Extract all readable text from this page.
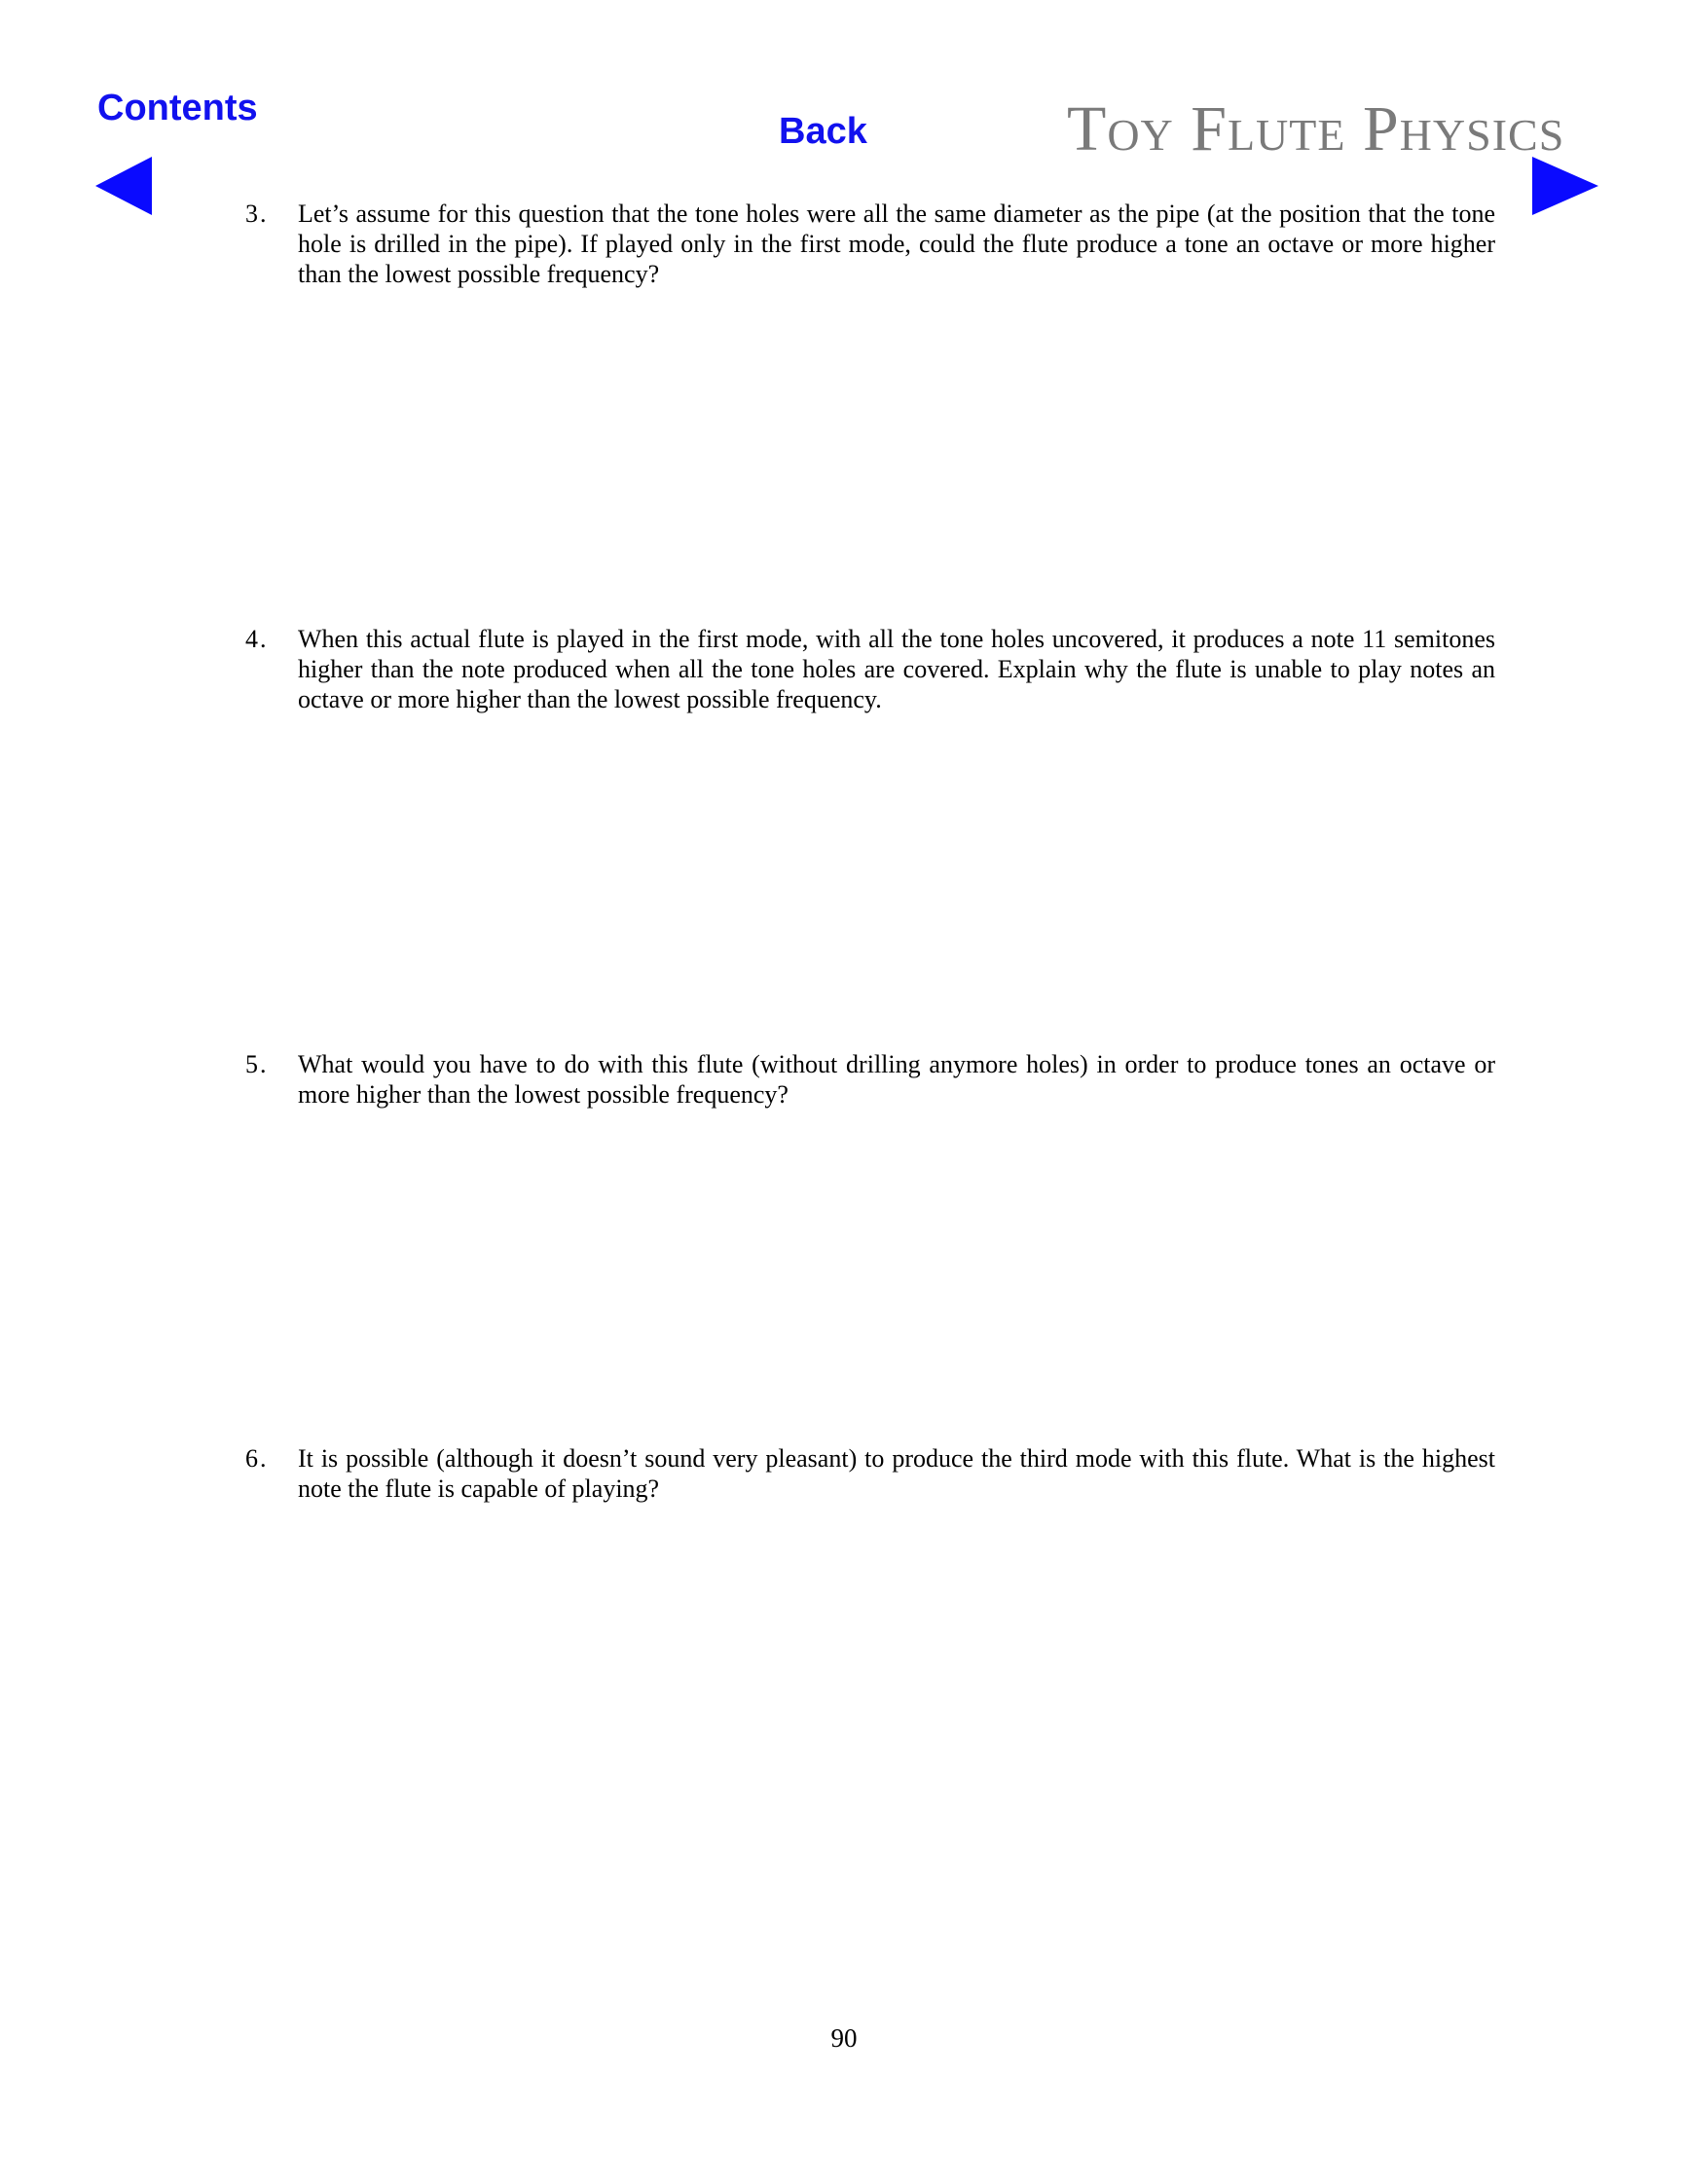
Contents
Back	Toy Flute Physics
3.	Let’s assume for this question that the tone holes were all the same diameter as the pipe (at the position that the tone hole is drilled in the pipe). If played only in the first mode, could the flute produce a tone an octave or more higher than the lowest possible frequency?
4.	When this actual flute is played in the first mode, with all the tone holes uncovered, it produces a note 11 semitones higher than the note produced when all the tone holes are covered. Explain why the flute is unable to play notes an octave or more higher than the lowest possible frequency.
5.	What would you have to do with this flute (without drilling anymore holes) in order to produce tones an octave or more higher than the lowest possible frequency?
6.	It is possible (although it doesn’t sound very pleasant) to produce the third mode with this flute. What is the highest note the flute is capable of playing?
90
